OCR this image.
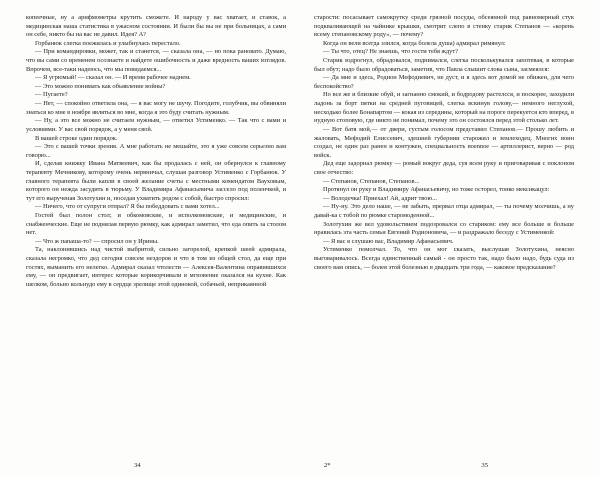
копеечные, ну а арифмометры крутить сможете. И народу у вас хватает, и ставок, а медицинская наша статистика в ужасном состоянии. И были бы вы не при больницах, а сами он себе, никто бы на вас не давил. Идея? А?

Горбанюк слегка поежилась и улыбнулась перестало.

— При командировки, может, так и станется, — сказала она, — но пока рановато. Думаю, что вы сами со временем осознаете и найдете ошибочность и даже вредность ваших взглядов. Впрочем, все-таки надеюсь, что мы повидаемся...

— Я угрюмый! — сказал он. — И время рабочее наднем.

— Это можно понимать как объявление войны?

— Пугаете?

— Нет, — спокойно ответила она, — я вас могу не шучу. Погодите, голубчик, вы обвиняли знаться ко мне в ноябре являться во мне, когда я это буду считать нужным.

— Ну, а это все можно не считаем нужным, — ответил Устименко. — Так что с вами и условиями. У вас свой порядок, а у меня свой.

В вашей строке один порядок.

— Это с вашей точки зрения. А мне работать не мешайте, это я уже совсем серьезно вам говорю...

И, сделав книжку Ивана Матвеевич, как бы продалась с ней, он обернулся к главному терапевту Мечникову, которому очень нервничал, слушая разговор Устименко с Горбанюк. У главного терапевта были капли в своей желание счеты с местными комендатом Вауховым, которого он нежда засудить в тюрьму. У Владимира Афанасьевича зассело под поленчкой, и тут его вырученая Золотухин и, поседая ухватить родом с собой, быстро спросил:

— Ничего, что от супруги отпрал? Я бы победдовать с вами хотел...

Гостей был полон стол; и обкомовские, и исполкомовские, и медицинские, и снабженческие. Еще не поднялая первую рюмку, как адмирал заметил, что еда опить за столом нет.

— Что ж папаша-то? — спросил он у Ирины.

Та, наклонившись над чистой выбритой, сильно загорелой, крепкой шеей адмирала, сказала негромко, что дед сегодня совсем нездоров и что в том из общей стол, да еще при гостях, выманить его нелегко. Адмирал сказал чтолести — Алексея-Валентина оправившихся ему, — он предвигает, интерес которые корикорчивали в мгновение оказался на кухне. Как шелком, больно кольнудо ему в сердце зрелище этой одинокой, собачьей, неприкаянной

старости: посасывает самокрутку среди грязной посуды, обсеянной под равномерный стук подкваливающей на чайнике крышки, смотрит слепо в стенку старик Степанов — «корень всему степановскому роду», — почему?

Когда он вели всегда злился, когда болела душа) адмирал римянул:

— Ты что, отец? Не знаешь, что гости тебя ждут?

Старик вздрогнул, обрадовался, поднимался, слегка посколькувался запотевая, в которые был обут; надо было обрадоваться, заметив, что Павла слышит слова сына, засмеялся:

— Да мне и здесь, Родион Мефодиевич, не дуст, и я здесь вот домой не обижен, для чего беспокойство?

Но все же и близкие обуй, и загнанно смокий, и бодродову растелсся, и поскорее, заходили ладонь за борт пятки на средней пуговицей, слегка вскинув голову,— немного неглухой, несходько более Бонапартом — кокая из середины, который на пороге перекуется кто вперед, в нудную стоповую, где никто не понимал, почему это он состоялся перед этой столько лет.

— Вот батя мой,— от двери, густым голосом представил Степанов.— Прошу любить и жаловать, Мефодий Елиссевич, здешней губернии старожил и землеходец. Многих воин создал, не один раз ранен и контужен, специальность воennoe — артиллерист, верно — род войск.

Дед еще задорнал рюмку — ромый вокруг деда, суя всем руку и приговаривая с поклоном свое отчество:

— Степанов, Степанов, Степанов...

Протянул он руку и Владимиру Афанасьевичу, но тоже осторел, тонко мексикацул:

— Володечка! Приехал! Ай, адрит твою...

— Ну-ну. Это дело наше, — не забыть, прервал отца адмирал, — ты почему молчишь, а ну давай-ка с тобой по рюмке старомоденной...

Золотухин же вел удовольствием подозровался со стариком: ему все больше и больше нравилась эта часть семьи Евгений Родионовича, — и раздражало беседу с Устименкой:

— Я вас я слушаю вас, Владимир Афанасьевич.

Устименко помолчал. То, что он мог сказать, выслушав Золотухина, неясно выговаривалось. Всегда единственный самый - он просто так, надо было надо, будь суда из своего вам опись, — болея этой болезнью в двадцать три года, — каковое предсказание?

34	2*	35
